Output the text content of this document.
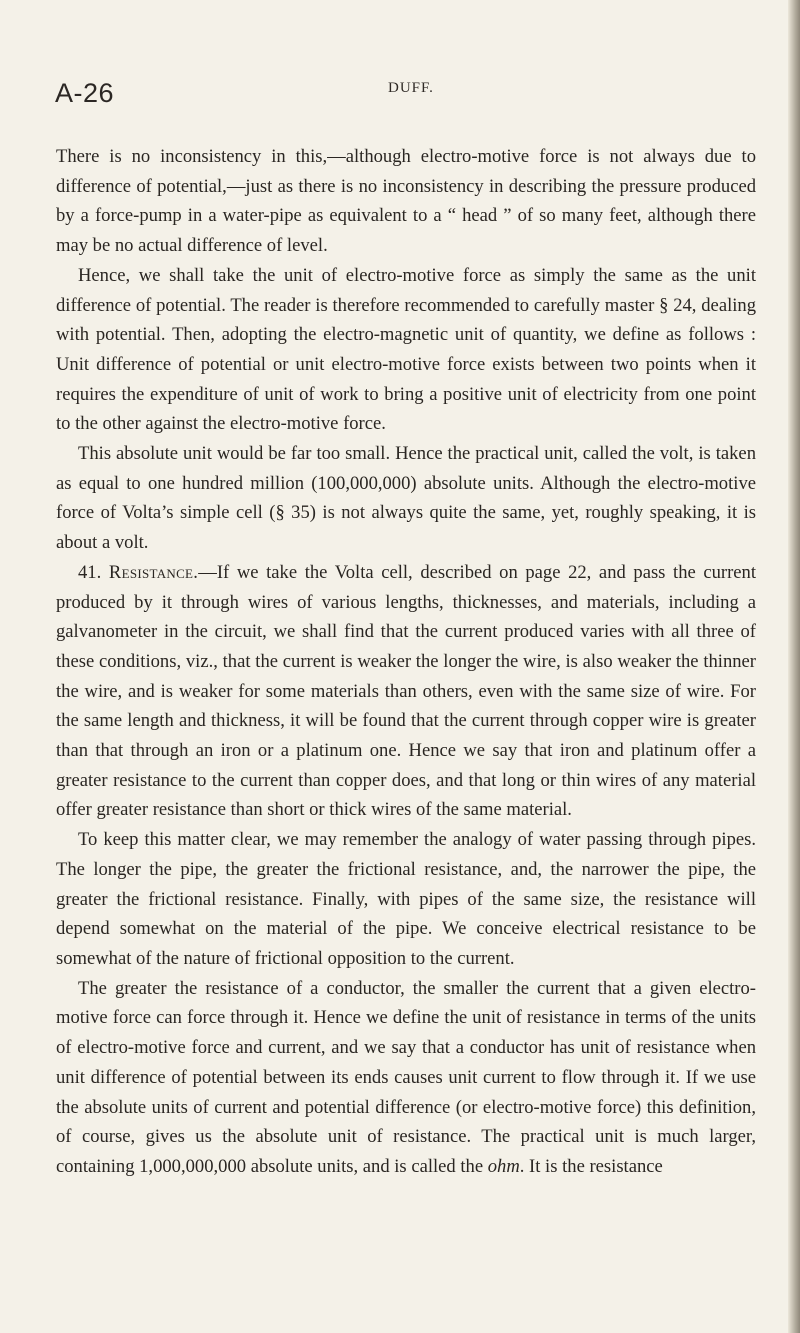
A-26	DUFF.

There is no inconsistency in this,—although electro-motive force is not always due to difference of potential,—just as there is no inconsistency in describing the pressure produced by a force-pump in a water-pipe as equivalent to a “ head ” of so many feet, although there may be no actual difference of level.

Hence, we shall take the unit of electro-motive force as simply the same as the unit difference of potential. The reader is therefore recommended to carefully master § 24, dealing with potential. Then, adopting the electro-magnetic unit of quantity, we define as follows : Unit difference of potential or unit electro-motive force exists between two points when it requires the expenditure of unit of work to bring a positive unit of electricity from one point to the other against the electro-motive force.

This absolute unit would be far too small. Hence the practical unit, called the volt, is taken as equal to one hundred million (100,000,000) absolute units. Although the electro-motive force of Volta’s simple cell (§ 35) is not always quite the same, yet, roughly speaking, it is about a volt.

41. Resistance.—If we take the Volta cell, described on page 22, and pass the current produced by it through wires of various lengths, thicknesses, and materials, including a galvanometer in the circuit, we shall find that the current produced varies with all three of these conditions, viz., that the current is weaker the longer the wire, is also weaker the thinner the wire, and is weaker for some materials than others, even with the same size of wire. For the same length and thickness, it will be found that the current through copper wire is greater than that through an iron or a platinum one. Hence we say that iron and platinum offer a greater resistance to the current than copper does, and that long or thin wires of any material offer greater resistance than short or thick wires of the same material.

To keep this matter clear, we may remember the analogy of water passing through pipes. The longer the pipe, the greater the frictional resistance, and, the narrower the pipe, the greater the frictional resistance. Finally, with pipes of the same size, the resistance will depend somewhat on the material of the pipe. We conceive electrical resistance to be somewhat of the nature of frictional opposition to the current.

The greater the resistance of a conductor, the smaller the current that a given electro-motive force can force through it. Hence we define the unit of resistance in terms of the units of electro-motive force and current, and we say that a conductor has unit of resistance when unit difference of potential between its ends causes unit current to flow through it. If we use the absolute units of current and potential difference (or electro-motive force) this definition, of course, gives us the absolute unit of resistance. The practical unit is much larger, containing 1,000,000,000 absolute units, and is called the ohm. It is the resistance
